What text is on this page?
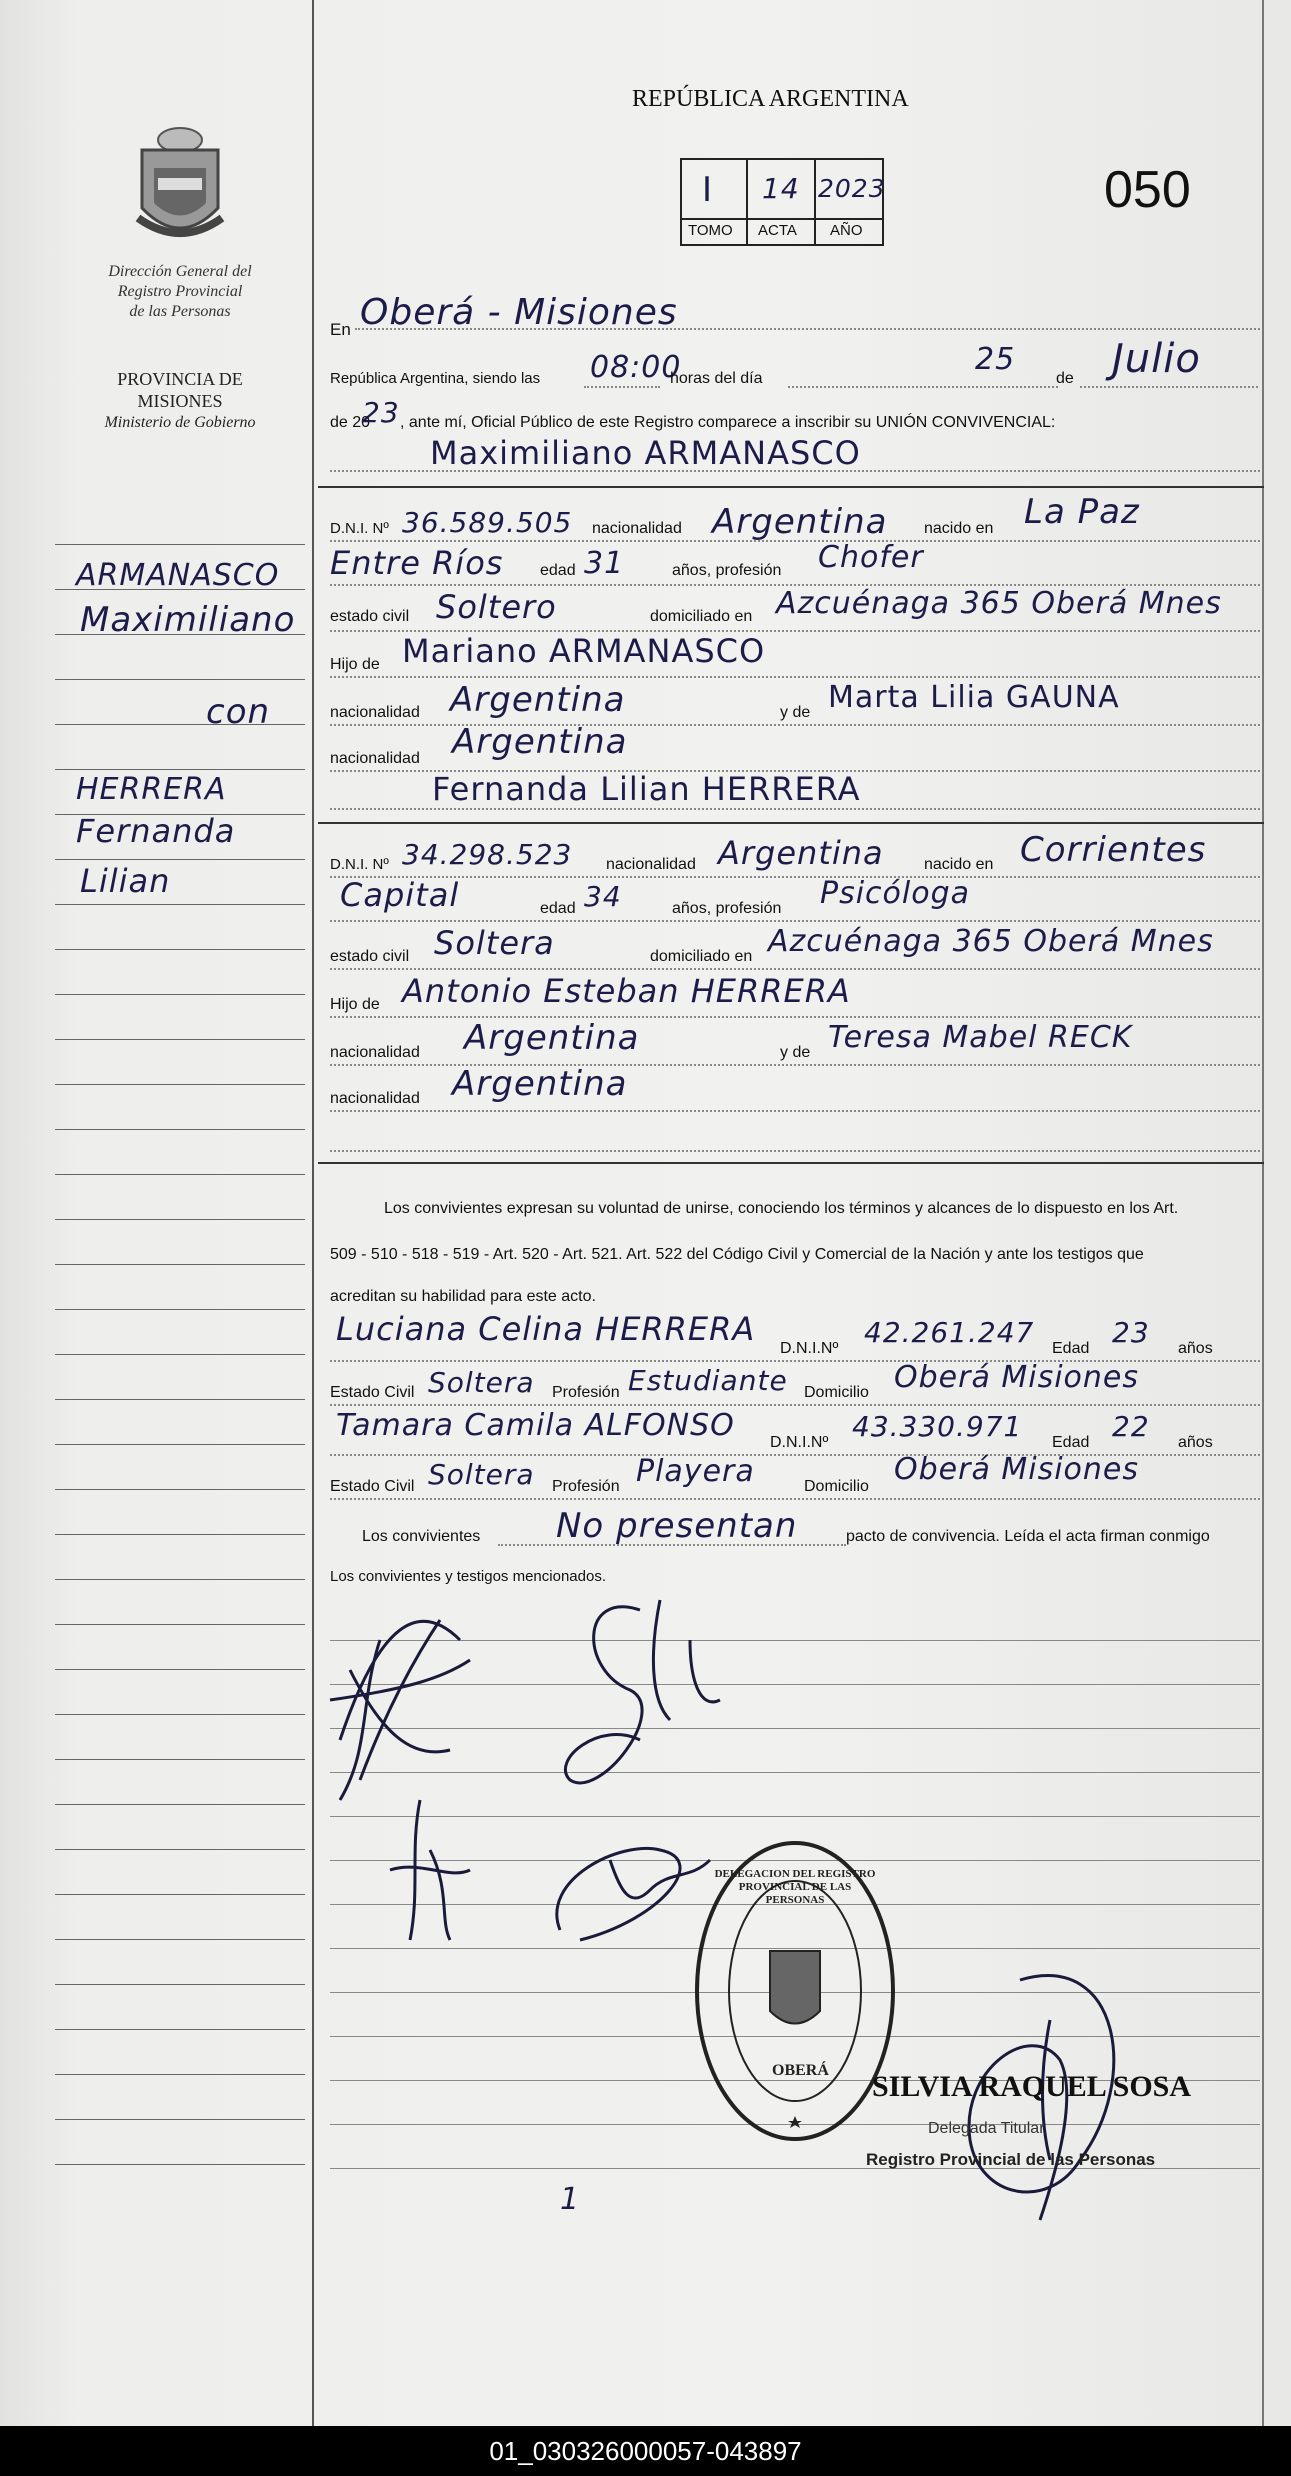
Dirección General del
Registro Provincial
de las Personas
PROVINCIA DE
MISIONES
Ministerio de Gobierno
ARMANASCO
Maximiliano
con
HERRERA
Fernanda
Lilian
REPÚBLICA ARGENTINA
050
I 14 2023
TOMO ACTA AÑO
En Oberá - Misiones
República Argentina, siendo las 08:00
horas del día
25
de Julio
de 20
23 , ante mí, Oficial Público de este Registro comparece a inscribir su UNIÓN CONVIVENCIAL:
Maximiliano ARMANASCO
D.N.I. Nº 36.589.505 nacionalidad Argentina nacido en La Paz
Entre Ríos edad 31	años, profesión Chofer
estado civil Soltero	domiciliado en Azcuénaga 365 Oberá Mnes
Hijo de Mariano ARMANASCO
nacionalidad Argentina	y de Marta Lilia GAUNA
nacionalidad Argentina
Fernanda Lilian HERRERA
D.N.I. Nº 34.298.523 nacionalidad Argentina	nacido en Corrientes
Capital	edad 34	años, profesión Psicóloga
estado civil Soltera	domiciliado en Azcuénaga 365 Oberá Mnes
Hijo de Antonio Esteban HERRERA
nacionalidad Argentina	y de Teresa Mabel RECK
nacionalidad Argentina
Los convivientes expresan su voluntad de unirse, conociendo los términos y alcances de lo dispuesto en los Art.
509 - 510 - 518 - 519 - Art. 520 - Art. 521. Art. 522 del Código Civil y Comercial de la Nación y ante los testigos que
acreditan su habilidad para este acto.
Luciana Celina HERRERA
D.N.I.Nº 42.261.247 Edad 23 años
Estado Civil Soltera Profesión Estudiante Domicilio Oberá Misiones
Tamara Camila ALFONSO D.N.I.Nº 43.330.971 Edad 22 años
Estado Civil Soltera Profesión Playera	Domicilio Oberá Misiones
Los convivientes No presentan	pacto de convivencia. Leída el acta firman conmigo
Los convivientes y testigos mencionados.
DELEGACION DEL REGISTRO PROVINCIAL DE LAS PERSONAS
OBERÁ SILVIA RAQUEL SOSA
Delegada Titular
Registro Provincial de las Personas
1
01_030326000057-043897
